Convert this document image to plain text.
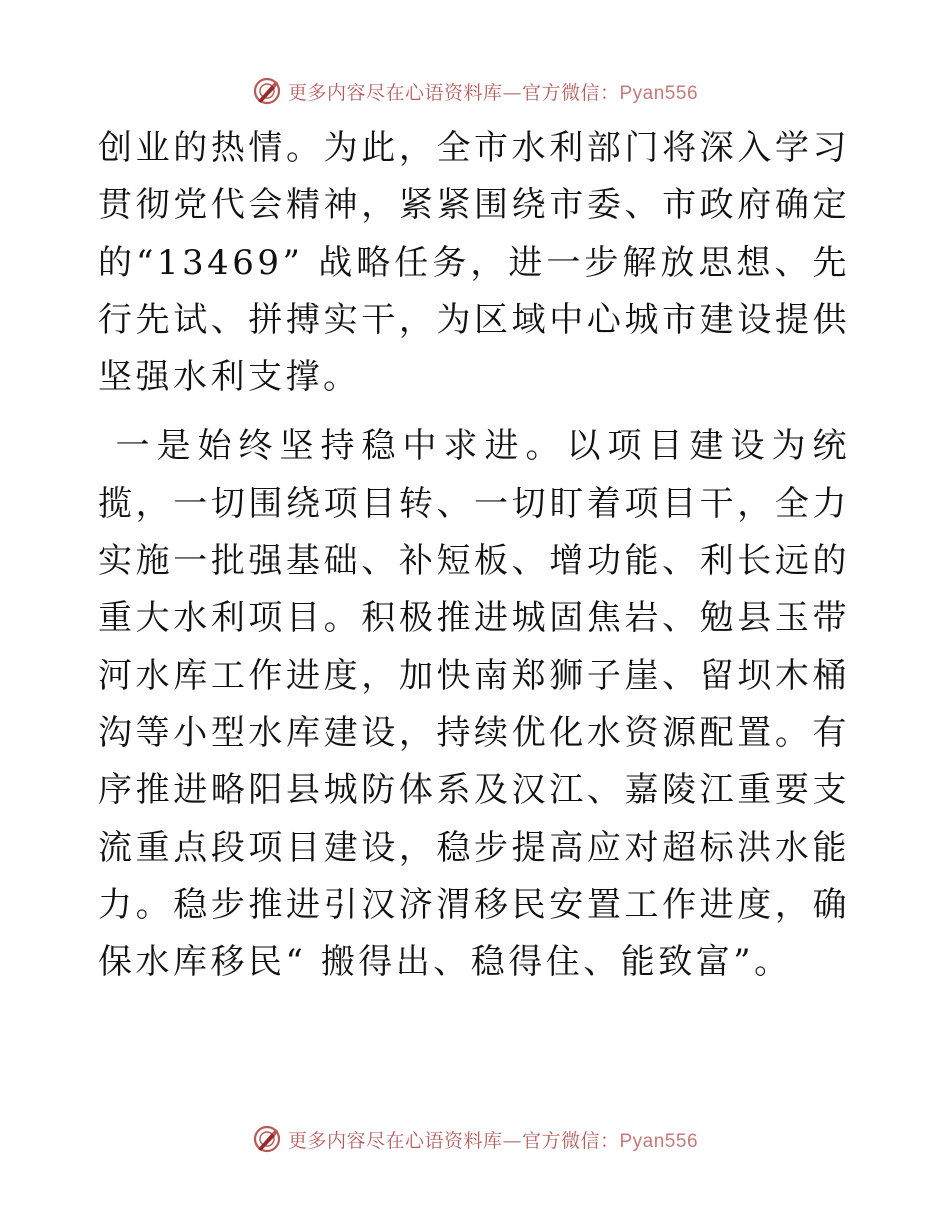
更多内容尽在心语资料库—官方微信：Pyan556

创业的热情。为此，全市水利部门将深入学习贯彻党代会精神，紧紧围绕市委、市政府确定的“13469” 战略任务，进一步解放思想、先行先试、拼搏实干，为区域中心城市建设提供坚强水利支撑。

一是始终坚持稳中求进。以项目建设为统揽，一切围绕项目转、一切盯着项目干，全力实施一批强基础、补短板、增功能、利长远的重大水利项目。积极推进城固焦岩、勉县玉带河水库工作进度，加快南郑狮子崖、留坝木桶沟等小型水库建设，持续优化水资源配置。有序推进略阳县城防体系及汉江、嘉陵江重要支流重点段项目建设，稳步提高应对超标洪水能力。稳步推进引汉济渭移民安置工作进度，确保水库移民“ 搬得出、稳得住、能致富”。

更多内容尽在心语资料库—官方微信：Pyan556
